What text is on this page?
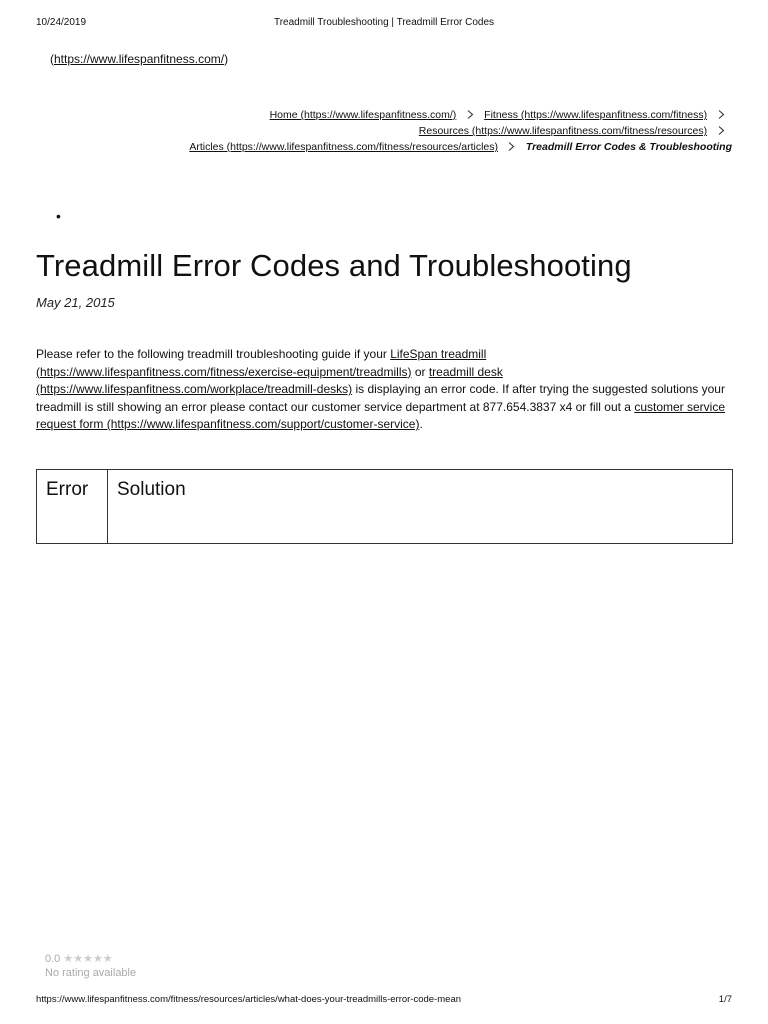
10/24/2019	Treadmill Troubleshooting | Treadmill Error Codes
(https://www.lifespanfitness.com/)
Home (https://www.lifespanfitness.com/)	Fitness (https://www.lifespanfitness.com/fitness)
Resources (https://www.lifespanfitness.com/fitness/resources)
Articles (https://www.lifespanfitness.com/fitness/resources/articles)	Treadmill Error Codes & Troubleshooting
•
Treadmill Error Codes and Troubleshooting
May 21, 2015
Please refer to the following treadmill troubleshooting guide if your LifeSpan treadmill (https://www.lifespanfitness.com/fitness/exercise-equipment/treadmills) or treadmill desk (https://www.lifespanfitness.com/workplace/treadmill-desks) is displaying an error code. If after trying the suggested solutions your treadmill is still showing an error please contact our customer service department at 877.654.3837 x4 or fill out a customer service request form (https://www.lifespanfitness.com/support/customer-service).
Error	Solution
0.0 ★★★★★
No rating available
https://www.lifespanfitness.com/fitness/resources/articles/what-does-your-treadmills-error-code-mean	1/7
